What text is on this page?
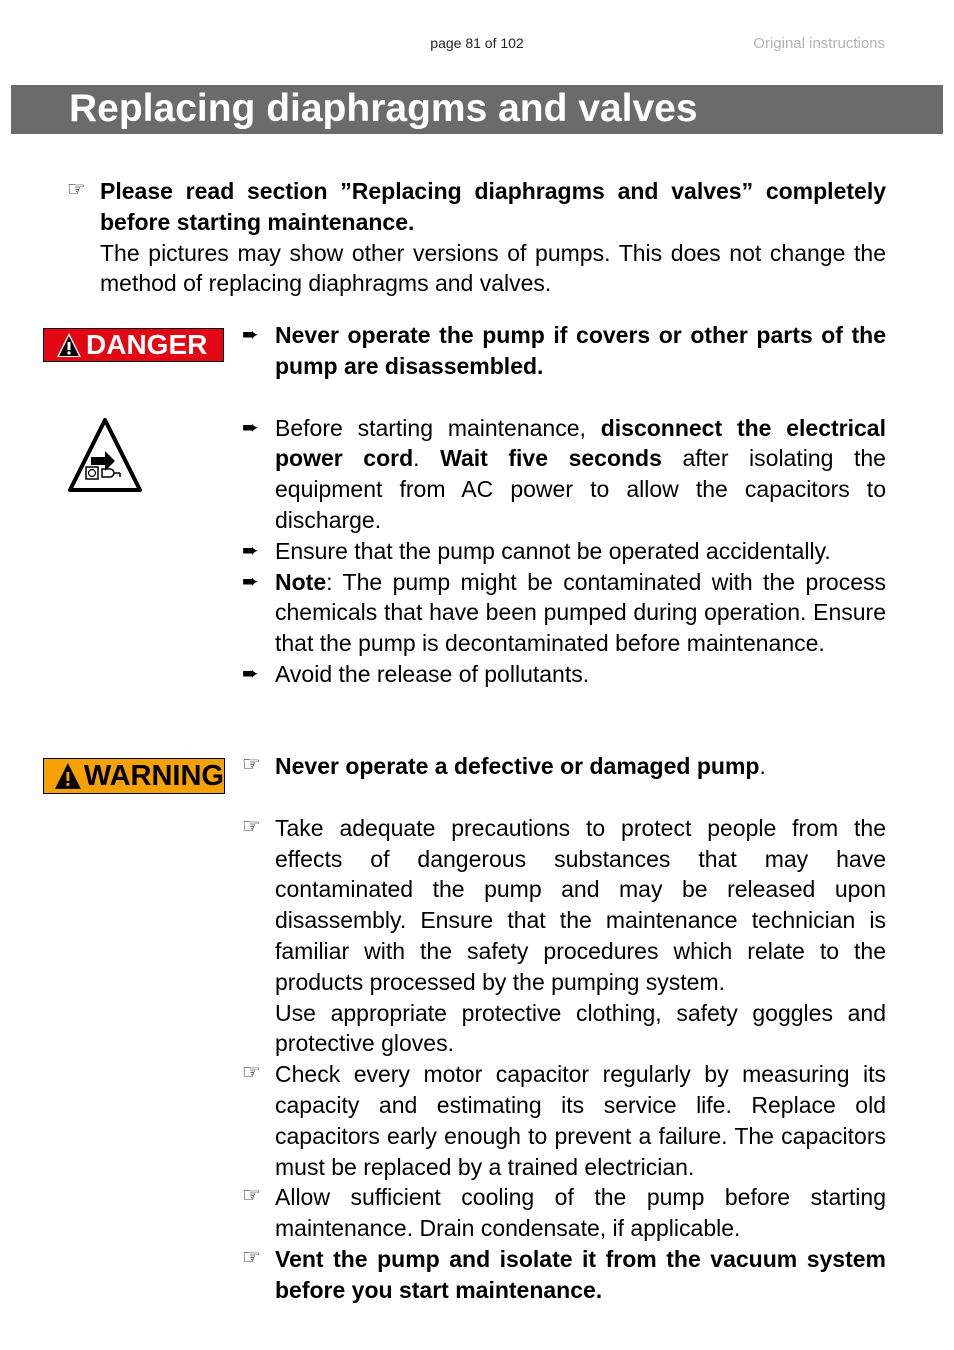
page 81 of 102	Original instructions
Replacing diaphragms and valves
☞ Please read section ”Replacing diaphragms and valves” completely before starting maintenance.

The pictures may show other versions of pumps. This does not change the method of replacing diaphragms and valves.

DANGER ➨ Never operate the pump if covers or other parts of the pump are disassembled.

➨ Before starting maintenance, disconnect the electrical power cord. Wait five seconds after isolating the equipment from AC power to allow the capacitors to discharge.

➨ Ensure that the pump cannot be operated accidentally.

➨ Note: The pump might be contaminated with the process chemicals that have been pumped during operation. Ensure that the pump is decontaminated before maintenance.

➨ Avoid the release of pollutants.

WARNING ☞ Never operate a defective or damaged pump.

☞ Take adequate precautions to protect people from the effects of dangerous substances that may have contaminated the pump and may be released upon disassembly. Ensure that the maintenance technician is familiar with the safety procedures which relate to the products processed by the pumping system.

Use appropriate protective clothing, safety goggles and protective gloves.

☞ Check every motor capacitor regularly by measuring its capacity and estimating its service life. Replace old capacitors early enough to prevent a failure. The capacitors must be replaced by a trained electrician.

☞ Allow sufficient cooling of the pump before starting maintenance. Drain condensate, if applicable.

☞ Vent the pump and isolate it from the vacuum system before you start maintenance.
